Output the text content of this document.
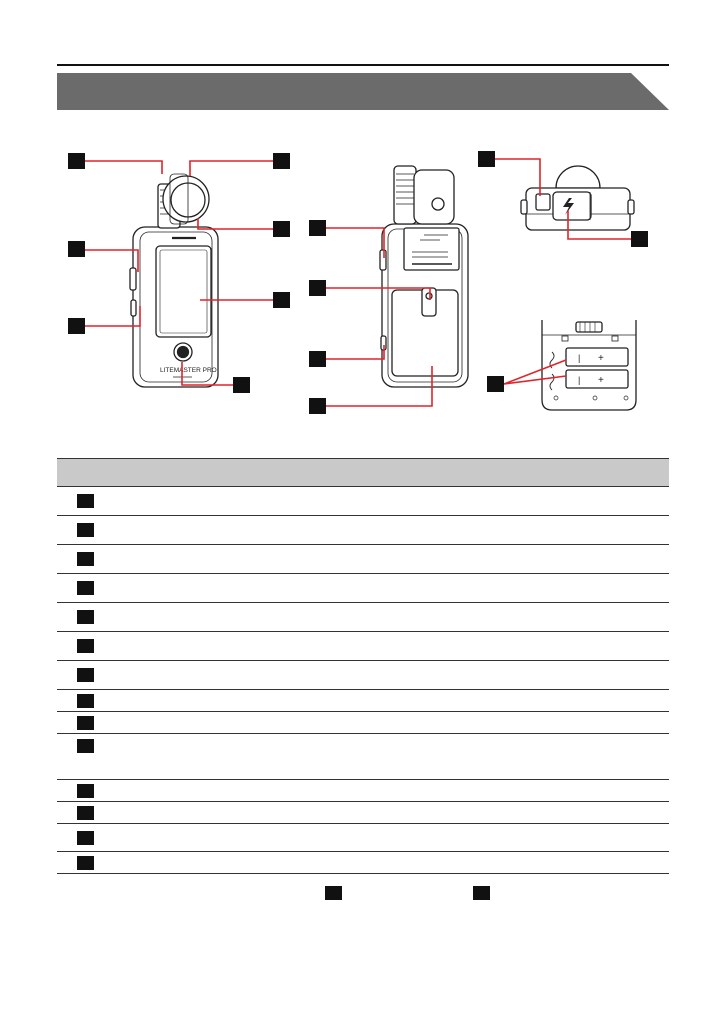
LITEMASTER PRO
| +
| +
